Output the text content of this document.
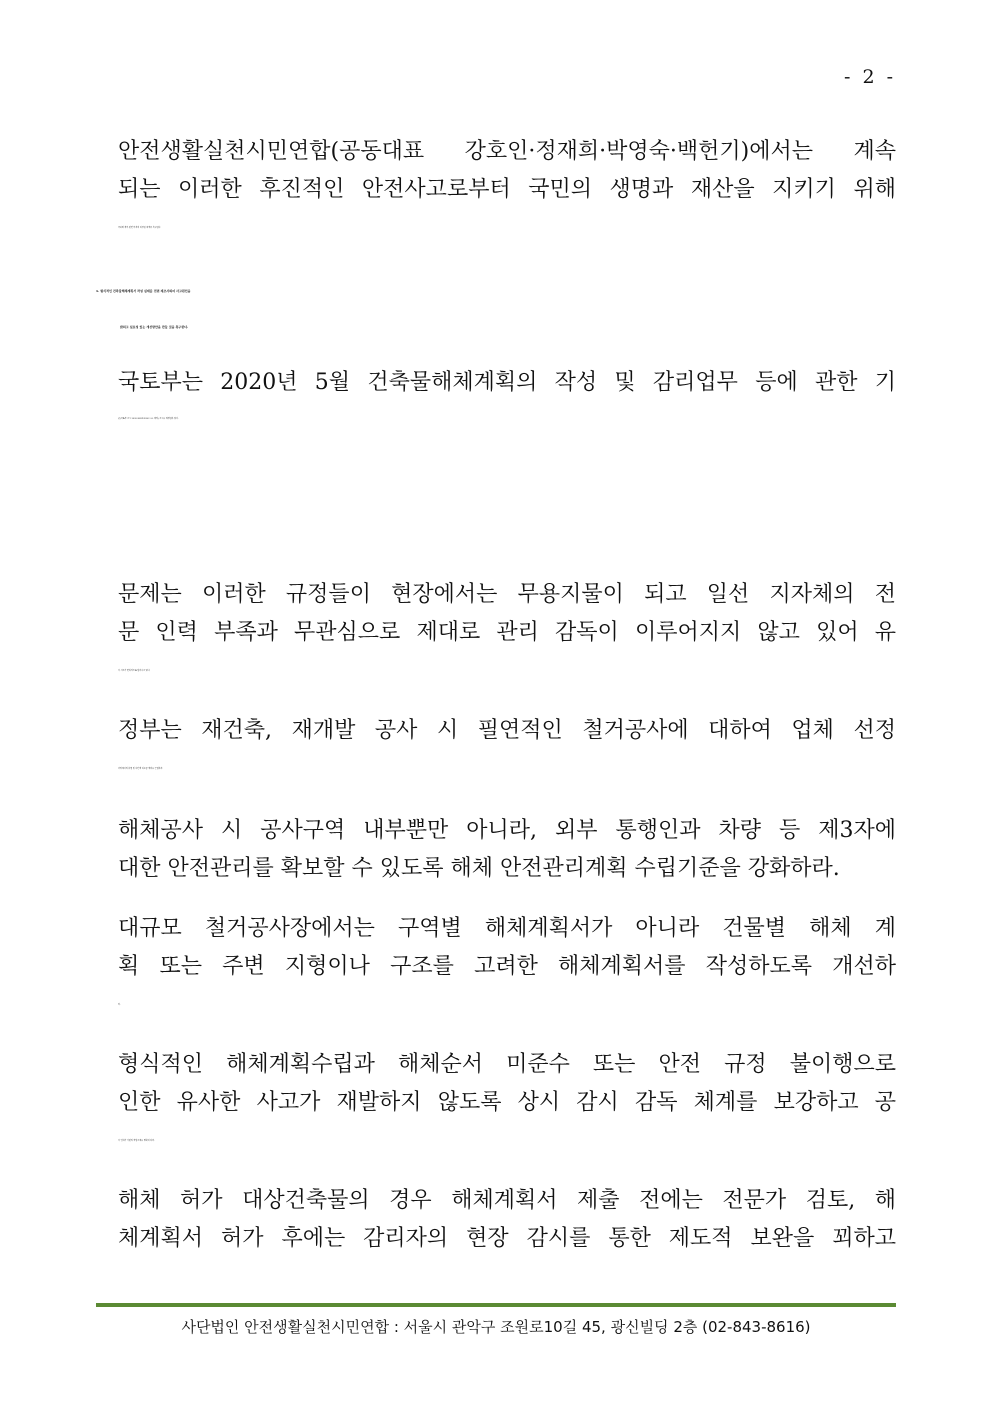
- 2 -
안전생활실천시민연합(공동대표 강호인·정재희·박영숙·백헌기)에서는 계속
되는 이러한 후진적인 안전사고로부터 국민의 생명과 재산을 지키기 위해
국회와 정부 관련 부처의 비상한 대책을 촉구한다.
1. 형식적인 건축물해체계획서 작성 실태를 전면 재조사하여 사고원인을
밝히고 실효성 있는 개선방안을 만들 것을 촉구한다.
국토부는 2020년 5월 건축물해체계획의 작성 및 감리업무 등에 관한 기
준(국토부 고시 2020-380호/2020.5.8. 제정) 고시를 제정한바 있다.
문제는 이러한 규정들이 현장에서는 무용지물이 되고 일선 지자체의 전
문 인력 부족과 무관심으로 제대로 관리 감독이 이루어지지 않고 있어 유
사 사고가 반복적으로 일어나고 있다.
정부는 재건축, 재개발 공사 시 필연적인 철거공사에 대하여 업체 선정
과정에서의 불법 및 다단계 하도급 행위를 근절하라.
해체공사 시 공사구역 내부뿐만 아니라, 외부 통행인과 차량 등 제3자에
대한 안전관리를 확보할 수 있도록 해체 안전관리계획 수립기준을 강화하라.
대규모 철거공사장에서는 구역별 해체계획서가 아니라 건물별 해체 계
획 또는 주변 지형이나 구조를 고려한 해체계획서를 작성하도록 개선하
라.
형식적인 해체계획수립과 해체순서 미준수 또는 안전 규정 불이행으로
인한 유사한 사고가 재발하지 않도록 상시 감시 감독 체계를 보강하고 공
사 인허가 기관의 책임소재를 명확히 하라.
해체 허가 대상건축물의 경우 해체계획서 제출 전에는 전문가 검토, 해
체계획서 허가 후에는 감리자의 현장 감시를 통한 제도적 보완을 꾀하고
사단법인 안전생활실천시민연합 : 서울시 관악구 조원로10길 45, 광신빌딩 2층 (02-843-8616)
